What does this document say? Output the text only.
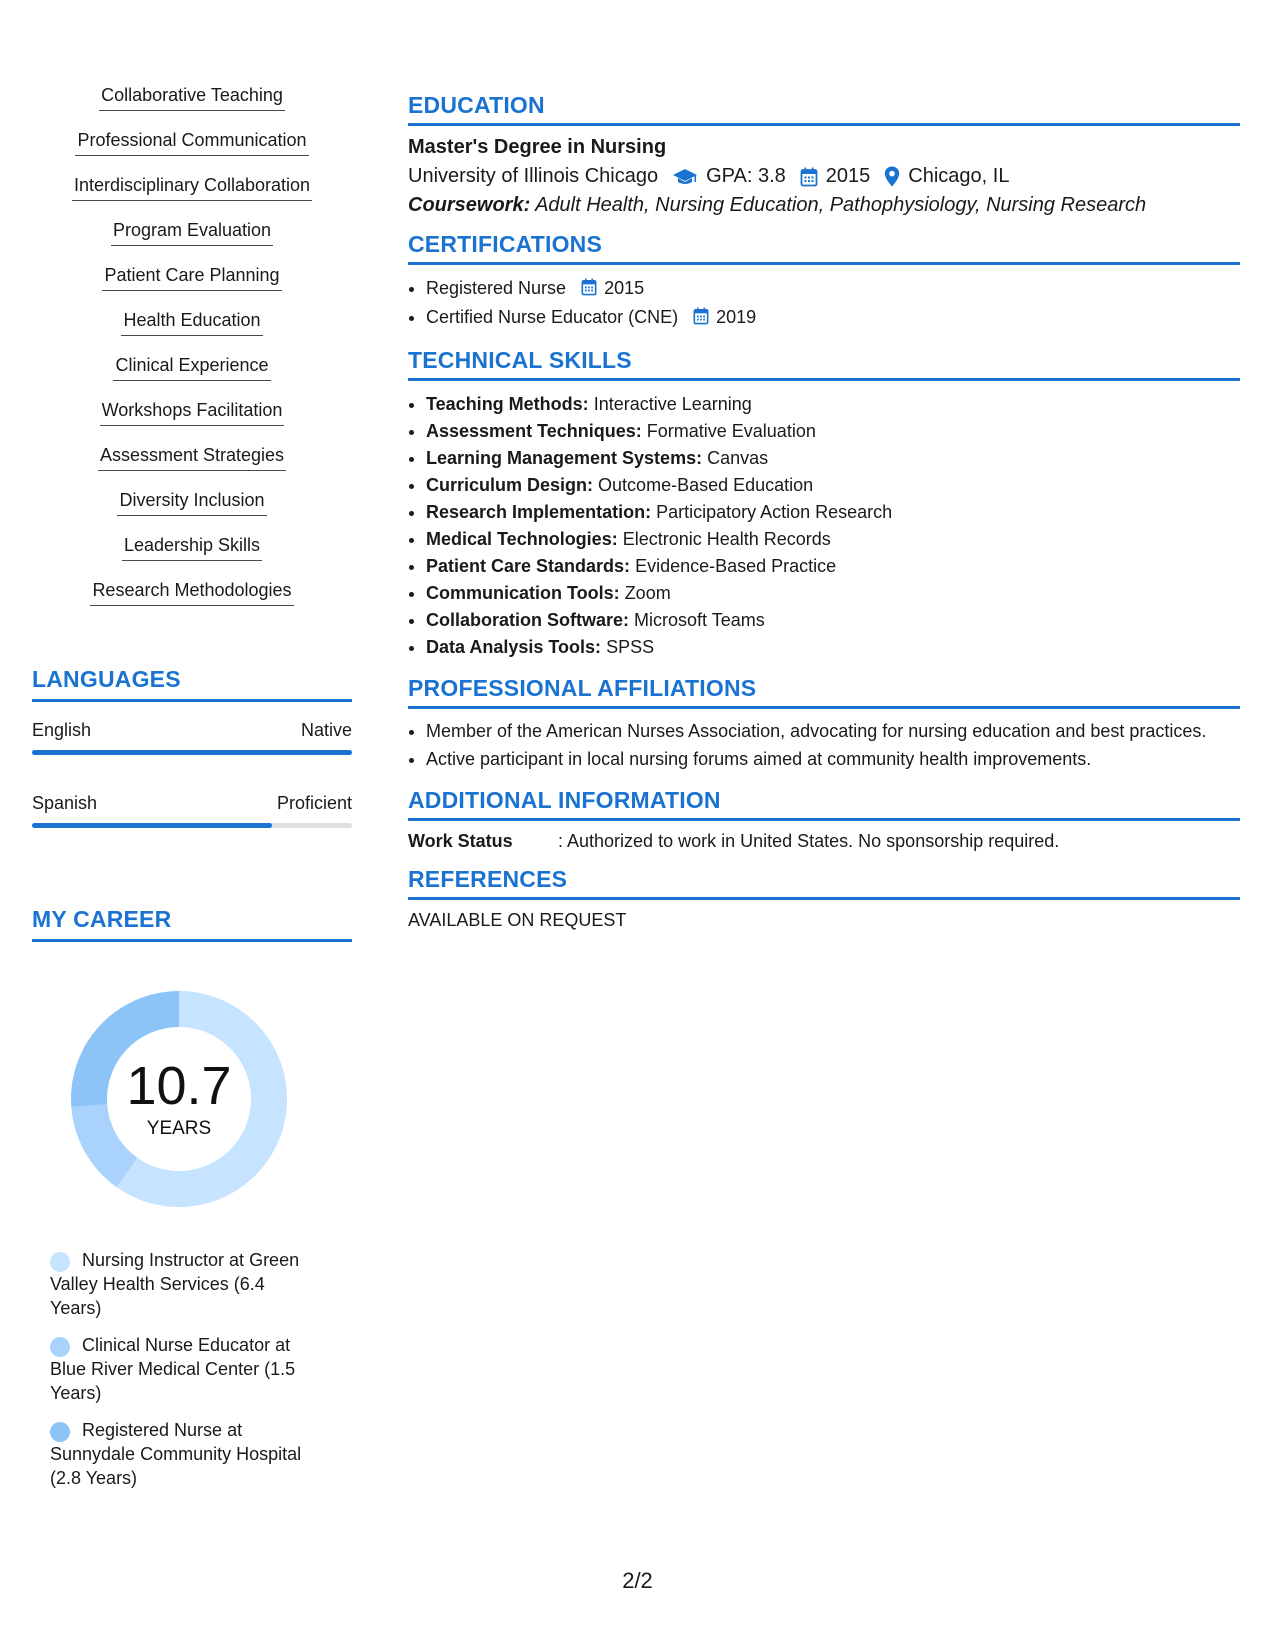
Collaborative Teaching
Professional Communication
Interdisciplinary Collaboration
Program Evaluation
Patient Care Planning
Health Education
Clinical Experience
Workshops Facilitation
Assessment Strategies
Diversity Inclusion
Leadership Skills
Research Methodologies
LANGUAGES
English	Native
Spanish	Proficient
MY CAREER
10.7
YEARS
Nursing Instructor at Green Valley Health Services (6.4 Years)
Clinical Nurse Educator at Blue River Medical Center (1.5 Years)
Registered Nurse at Sunnydale Community Hospital (2.8 Years)
EDUCATION
Master's Degree in Nursing
University of Illinois Chicago GPA: 3.8 2015 Chicago, IL
Coursework: Adult Health, Nursing Education, Pathophysiology, Nursing Research
CERTIFICATIONS
• Registered Nurse 2015
• Certified Nurse Educator (CNE) 2019
TECHNICAL SKILLS
• Teaching Methods: Interactive Learning
• Assessment Techniques: Formative Evaluation
• Learning Management Systems: Canvas
• Curriculum Design: Outcome-Based Education
• Research Implementation: Participatory Action Research
• Medical Technologies: Electronic Health Records
• Patient Care Standards: Evidence-Based Practice
• Communication Tools: Zoom
• Collaboration Software: Microsoft Teams
• Data Analysis Tools: SPSS
PROFESSIONAL AFFILIATIONS
• Member of the American Nurses Association, advocating for nursing education and best practices.
• Active participant in local nursing forums aimed at community health improvements.
ADDITIONAL INFORMATION
Work Status	: Authorized to work in United States. No sponsorship required.
REFERENCES
AVAILABLE ON REQUEST
2/2
